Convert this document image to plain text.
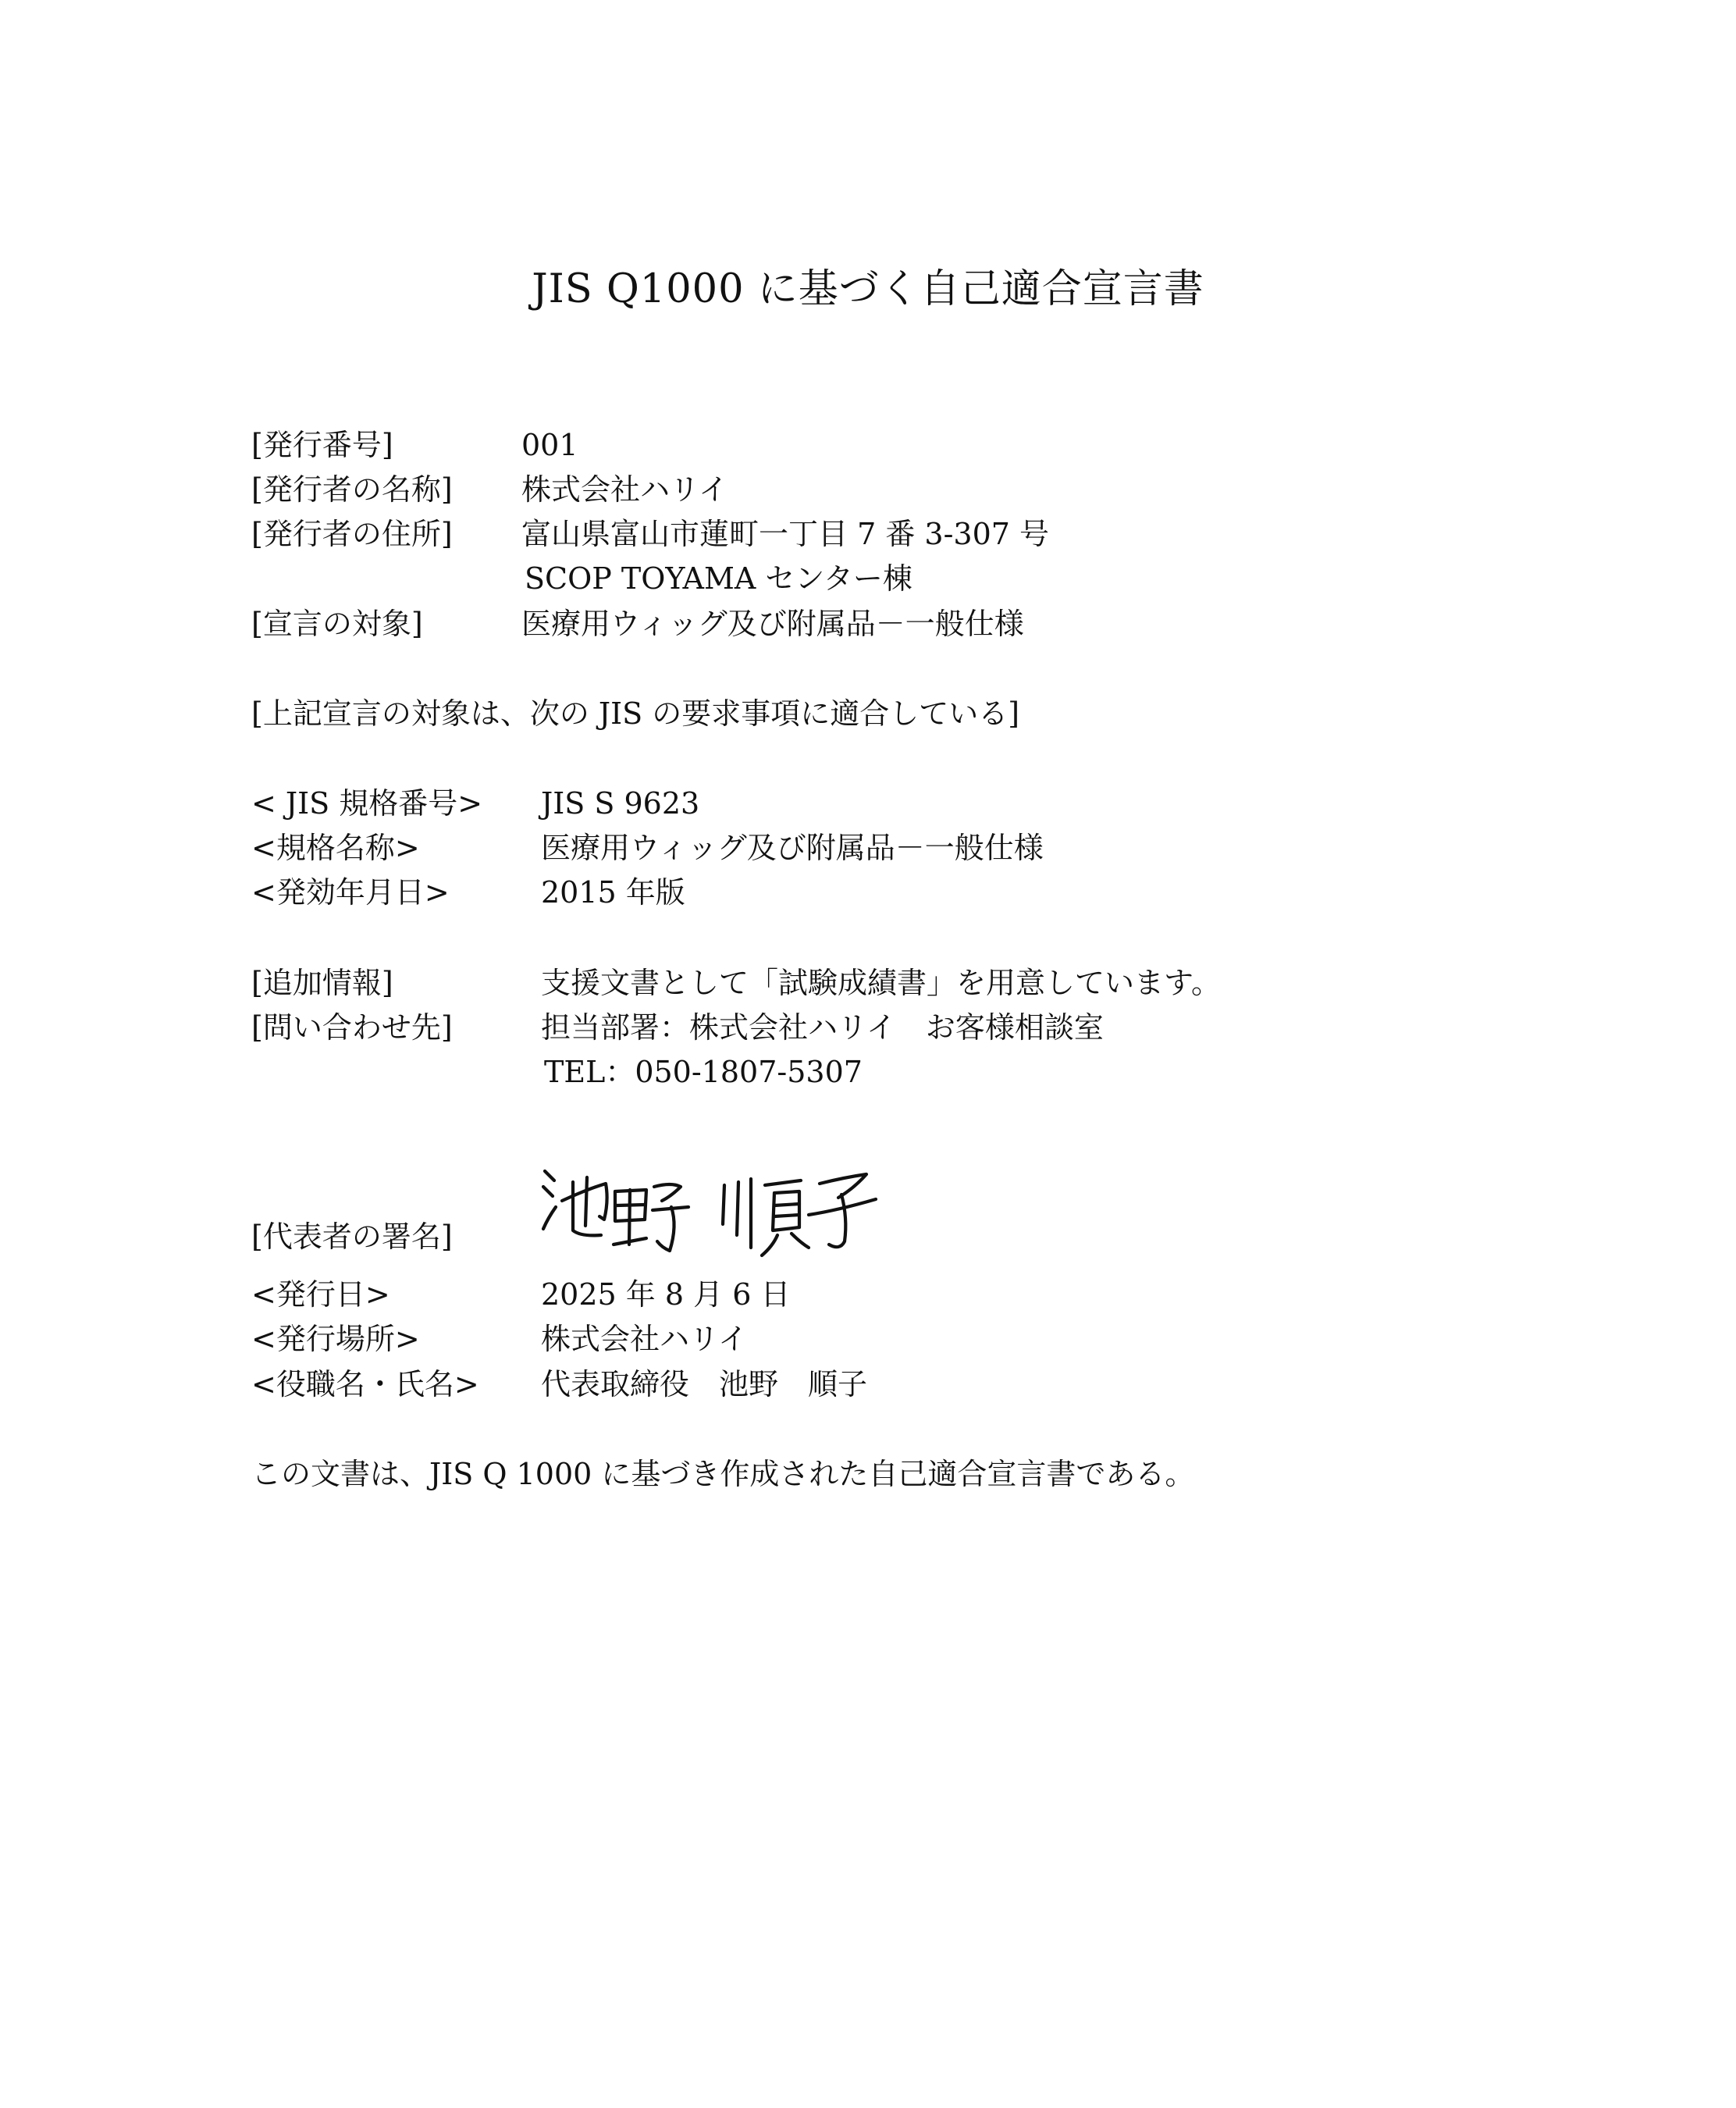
JIS Q1000 に基づく自己適合宣言書
[発行番号]	001
[発行者の名称] 株式会社ハリイ
[発行者の住所] 富山県富山市蓮町一丁目 7 番 3-307 号
SCOP TOYAMA センター棟
[宣言の対象]	医療用ウィッグ及び附属品－一般仕様
[上記宣言の対象は、次の JIS の要求事項に適合している]
< JIS 規格番号> JIS S 9623
<規格名称>	医療用ウィッグ及び附属品－一般仕様
<発効年月日>	2015 年版
[追加情報]	支援文書として「試験成績書」を用意しています。
[問い合わせ先]	担当部署：株式会社ハリイ　お客様相談室
TEL：050-1807-5307
[代表者の署名]
<発行日>	2025 年 8 月 6 日
<発行場所>	株式会社ハリイ
<役職名・氏名> 代表取締役　池野　順子
この文書は、JIS Q 1000 に基づき作成された自己適合宣言書である。
